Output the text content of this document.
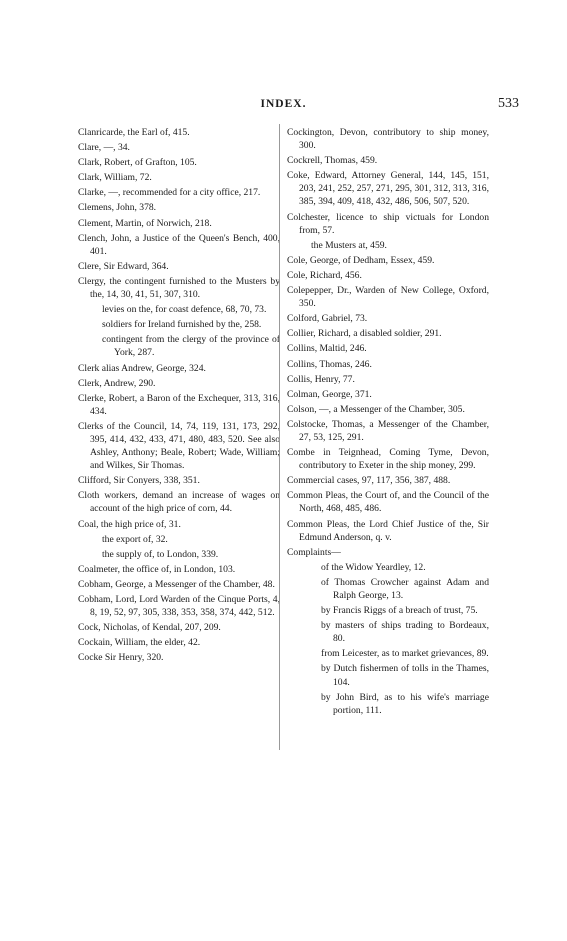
INDEX.	533
Clanricarde, the Earl of, 415.
Clare, —, 34.
Clark, Robert, of Grafton, 105.
Clark, William, 72.
Clarke, —, recommended for a city office, 217.
Clemens, John, 378.
Clement, Martin, of Norwich, 218.
Clench, John, a Justice of the Queen's Bench, 400, 401.
Clere, Sir Edward, 364.
Clergy, the contingent furnished to the Musters by the, 14, 30, 41, 51, 307, 310.
levies on the, for coast defence, 68, 70, 73.
soldiers for Ireland furnished by the, 258.
contingent from the clergy of the province of York, 287.
Clerk alias Andrew, George, 324.
Clerk, Andrew, 290.
Clerke, Robert, a Baron of the Exchequer, 313, 316, 434.
Clerks of the Council, 14, 74, 119, 131, 173, 292, 395, 414, 432, 433, 471, 480, 483, 520. See also Ashley, Anthony; Beale, Robert; Wade, William; and Wilkes, Sir Thomas.
Clifford, Sir Conyers, 338, 351.
Cloth workers, demand an increase of wages on account of the high price of corn, 44.
Coal, the high price of, 31.
the export of, 32.
the supply of, to London, 339.
Coalmeter, the office of, in London, 103.
Cobham, George, a Messenger of the Chamber, 48.
Cobham, Lord, Lord Warden of the Cinque Ports, 4, 8, 19, 52, 97, 305, 338, 353, 358, 374, 442, 512.
Cock, Nicholas, of Kendal, 207, 209.
Cockain, William, the elder, 42.
Cocke Sir Henry, 320.
Cockington, Devon, contributory to ship money, 300.
Cockrell, Thomas, 459.
Coke, Edward, Attorney General, 144, 145, 151, 203, 241, 252, 257, 271, 295, 301, 312, 313, 316, 385, 394, 409, 418, 432, 486, 506, 507, 520.
Colchester, licence to ship victuals for London from, 57.
the Musters at, 459.
Cole, George, of Dedham, Essex, 459.
Cole, Richard, 456.
Colepepper, Dr., Warden of New College, Oxford, 350.
Colford, Gabriel, 73.
Collier, Richard, a disabled soldier, 291.
Collins, Maltid, 246.
Collins, Thomas, 246.
Collis, Henry, 77.
Colman, George, 371.
Colson, —, a Messenger of the Chamber, 305.
Colstocke, Thomas, a Messenger of the Chamber, 27, 53, 125, 291.
Combe in Teignhead, Coming Tyme, Devon, contributory to Exeter in the ship money, 299.
Commercial cases, 97, 117, 356, 387, 488.
Common Pleas, the Court of, and the Council of the North, 468, 485, 486.
Common Pleas, the Lord Chief Justice of the, Sir Edmund Anderson, q. v.
Complaints—
of the Widow Yeardley, 12.
of Thomas Crowcher against Adam and Ralph George, 13.
by Francis Riggs of a breach of trust, 75.
by masters of ships trading to Bordeaux, 80.
from Leicester, as to market grievances, 89.
by Dutch fishermen of tolls in the Thames, 104.
by John Bird, as to his wife's marriage portion, 111.
